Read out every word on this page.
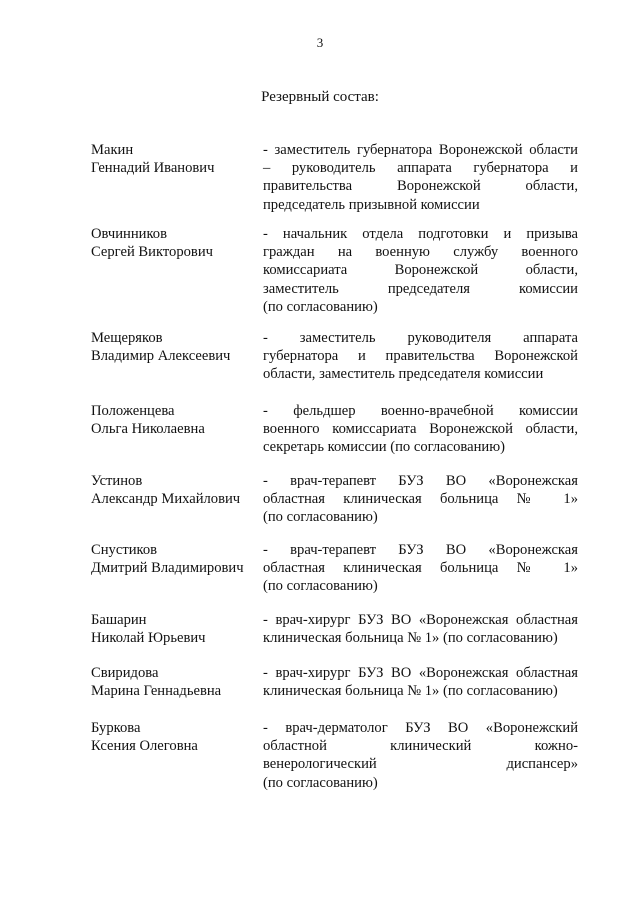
3
Резервный состав:
Макин
Геннадий Иванович
- заместитель губернатора Воронежской области
– руководитель аппарата губернатора и
правительства Воронежской области,
председатель призывной комиссии
Овчинников
Сергей Викторович
- начальник отдела подготовки и призыва
граждан на военную службу военного
комиссариата Воронежской области,
заместитель председателя комиссии
(по согласованию)
Мещеряков
Владимир Алексеевич
- заместитель руководителя аппарата
губернатора и правительства Воронежской
области, заместитель председателя комиссии
Положенцева
Ольга Николаевна
- фельдшер военно-врачебной комиссии
военного комиссариата Воронежской области,
секретарь комиссии (по согласованию)
Устинов
Александр Михайлович
- врач-терапевт БУЗ ВО «Воронежская
областная клиническая больница № 1»
(по согласованию)
Снустиков
Дмитрий Владимирович
- врач-терапевт БУЗ ВО «Воронежская
областная клиническая больница № 1»
(по согласованию)
Башарин
Николай Юрьевич
- врач-хирург БУЗ ВО «Воронежская областная
клиническая больница № 1» (по согласованию)
Свиридова
Марина Геннадьевна
- врач-хирург БУЗ ВО «Воронежская областная
клиническая больница № 1» (по согласованию)
Буркова
Ксения Олеговна
- врач-дерматолог БУЗ ВО «Воронежский
областной клинический кожно-
венерологический диспансер»
(по согласованию)
